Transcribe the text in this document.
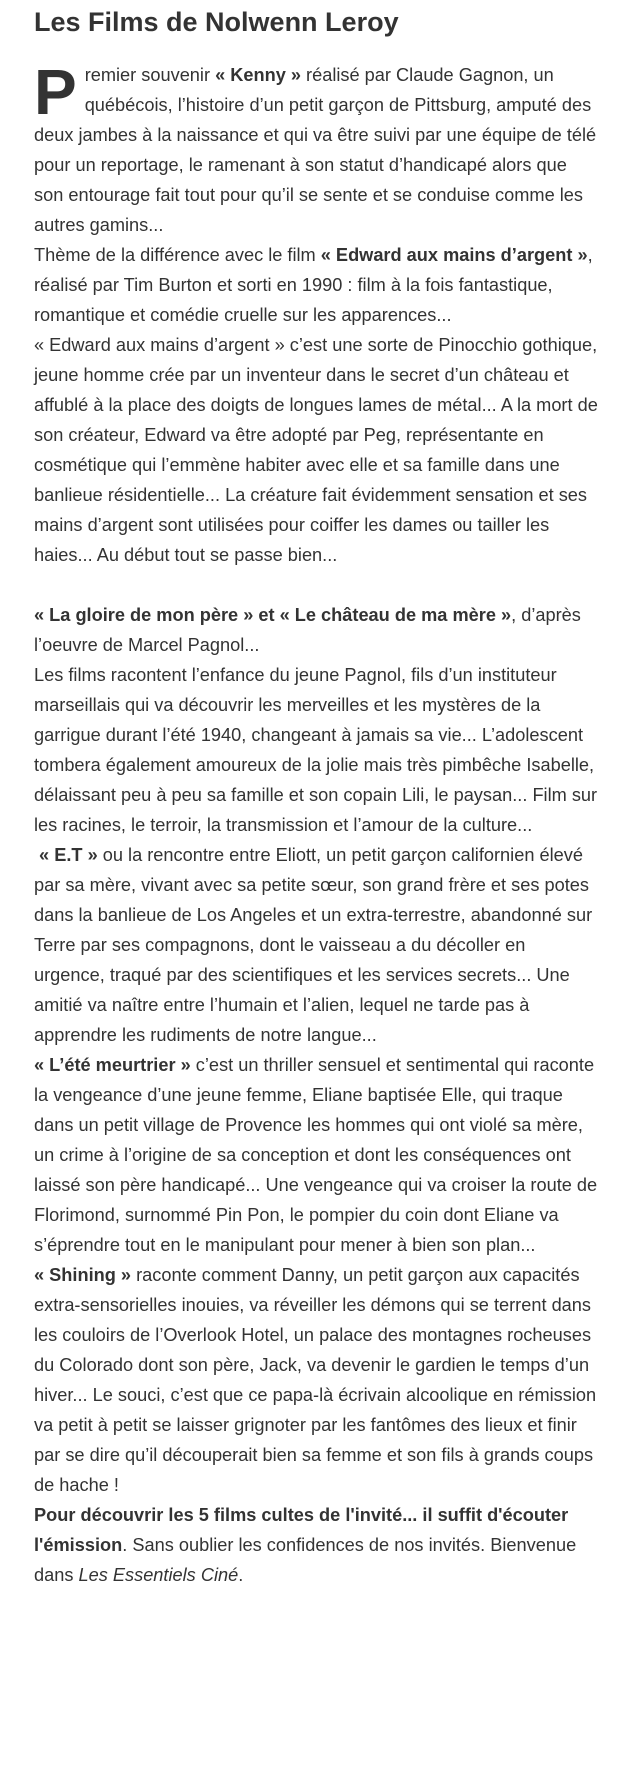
Les Films de Nolwenn Leroy

Premier souvenir « Kenny » réalisé par Claude Gagnon, un québécois, l’histoire d’un petit garçon de Pittsburg, amputé des deux jambes à la naissance et qui va être suivi par une équipe de télé pour un reportage, le ramenant à son statut d’handicapé alors que son entourage fait tout pour qu’il se sente et se conduise comme les autres gamins...

Thème de la différence avec le film « Edward aux mains d’argent », réalisé par Tim Burton et sorti en 1990 : film à la fois fantastique, romantique et comédie cruelle sur les apparences...

« Edward aux mains d’argent » c’est une sorte de Pinocchio gothique, jeune homme crée par un inventeur dans le secret d’un château et affublé à la place des doigts de longues lames de métal... A la mort de son créateur, Edward va être adopté par Peg, représentante en cosmétique qui l’emmène habiter avec elle et sa famille dans une banlieue résidentielle... La créature fait évidemment sensation et ses mains d’argent sont utilisées pour coiffer les dames ou tailler les haies... Au début tout se passe bien...

« La gloire de mon père » et « Le château de ma mère », d’après l’oeuvre de Marcel Pagnol...

Les films racontent l’enfance du jeune Pagnol, fils d’un instituteur marseillais qui va découvrir les merveilles et les mystères de la garrigue durant l’été 1940, changeant à jamais sa vie... L’adolescent tombera également amoureux de la jolie mais très pimbêche Isabelle, délaissant peu à peu sa famille et son copain Lili, le paysan... Film sur les racines, le terroir, la transmission et l’amour de la culture...

« E.T » ou la rencontre entre Eliott, un petit garçon californien élevé par sa mère, vivant avec sa petite sœur, son grand frère et ses potes dans la banlieue de Los Angeles et un extra-terrestre, abandonné sur Terre par ses compagnons, dont le vaisseau a du décoller en urgence, traqué par des scientifiques et les services secrets... Une amitié va naître entre l’humain et l’alien, lequel ne tarde pas à apprendre les rudiments de notre langue...

« L’été meurtrier » c’est un thriller sensuel et sentimental qui raconte la vengeance d’une jeune femme, Eliane baptisée Elle, qui traque dans un petit village de Provence les hommes qui ont violé sa mère, un crime à l’origine de sa conception et dont les conséquences ont laissé son père handicapé... Une vengeance qui va croiser la route de Florimond, surnommé Pin Pon, le pompier du coin dont Eliane va s’éprendre tout en le manipulant pour mener à bien son plan...

« Shining » raconte comment Danny, un petit garçon aux capacités extra-sensorielles inouies, va réveiller les démons qui se terrent dans les couloirs de l’Overlook Hotel, un palace des montagnes rocheuses du Colorado dont son père, Jack, va devenir le gardien le temps d’un hiver... Le souci, c’est que ce papa-là écrivain alcoolique en rémission va petit à petit se laisser grignoter par les fantômes des lieux et finir par se dire qu’il découperait bien sa femme et son fils à grands coups de hache !

Pour découvrir les 5 films cultes de l'invité... il suffit d'écouter l'émission. Sans oublier les confidences de nos invités. Bienvenue dans Les Essentiels Ciné.
